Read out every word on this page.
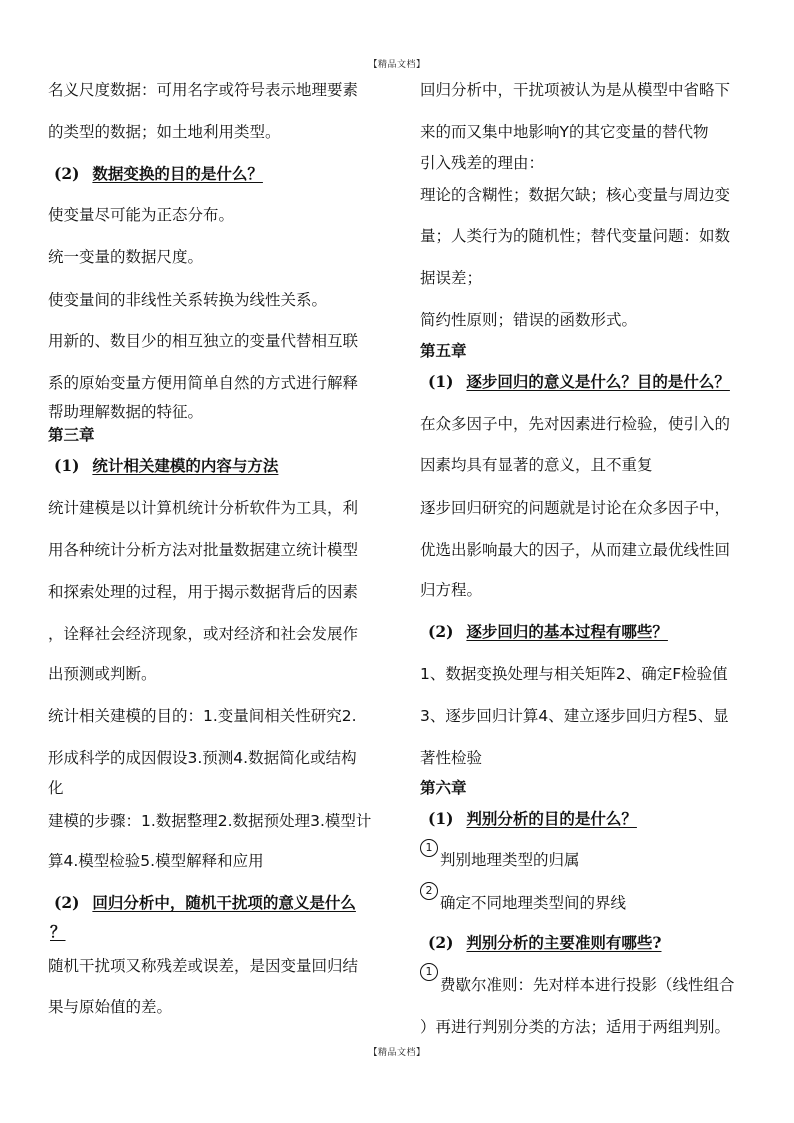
【精品文档】
名义尺度数据：可用名字或符号表示地理要素
的类型的数据；如土地利用类型。
(2) 数据变换的目的是什么？
使变量尽可能为正态分布。
统一变量的数据尺度。
使变量间的非线性关系转换为线性关系。
用新的、数目少的相互独立的变量代替相互联
系的原始变量方便用简单自然的方式进行解释
帮助理解数据的特征。
第三章
(1) 统计相关建模的内容与方法
统计建模是以计算机统计分析软件为工具，利
用各种统计分析方法对批量数据建立统计模型
和探索处理的过程，用于揭示数据背后的因素
，诠释社会经济现象，或对经济和社会发展作
出预测或判断。
统计相关建模的目的：1.变量间相关性研究2.
形成科学的成因假设3.预测4.数据简化或结构
化
建模的步骤：1.数据整理2.数据预处理3.模型计
算4.模型检验5.模型解释和应用
(2) 回归分析中，随机干扰项的意义是什么
？
随机干扰项又称残差或误差，是因变量回归结
果与原始值的差。
回归分析中，干扰项被认为是从模型中省略下
来的而又集中地影响Y的其它变量的替代物
引入残差的理由：
理论的含糊性；数据欠缺；核心变量与周边变
量；人类行为的随机性；替代变量问题：如数
据误差；
简约性原则；错误的函数形式。
第五章
(1) 逐步回归的意义是什么？目的是什么？
在众多因子中，先对因素进行检验，使引入的
因素均具有显著的意义，且不重复
逐步回归研究的问题就是讨论在众多因子中，
优选出影响最大的因子，从而建立最优线性回
归方程。
(2) 逐步回归的基本过程有哪些？
1、数据变换处理与相关矩阵2、确定F检验值
3、逐步回归计算4、建立逐步回归方程5、显
著性检验
第六章
(1) 判别分析的目的是什么？
1
判别地理类型的归属
2
确定不同地理类型间的界线
(2) 判别分析的主要准则有哪些?
1
费歇尔准则：先对样本进行投影（线性组合
）再进行判别分类的方法；适用于两组判别。
【精品文档】
